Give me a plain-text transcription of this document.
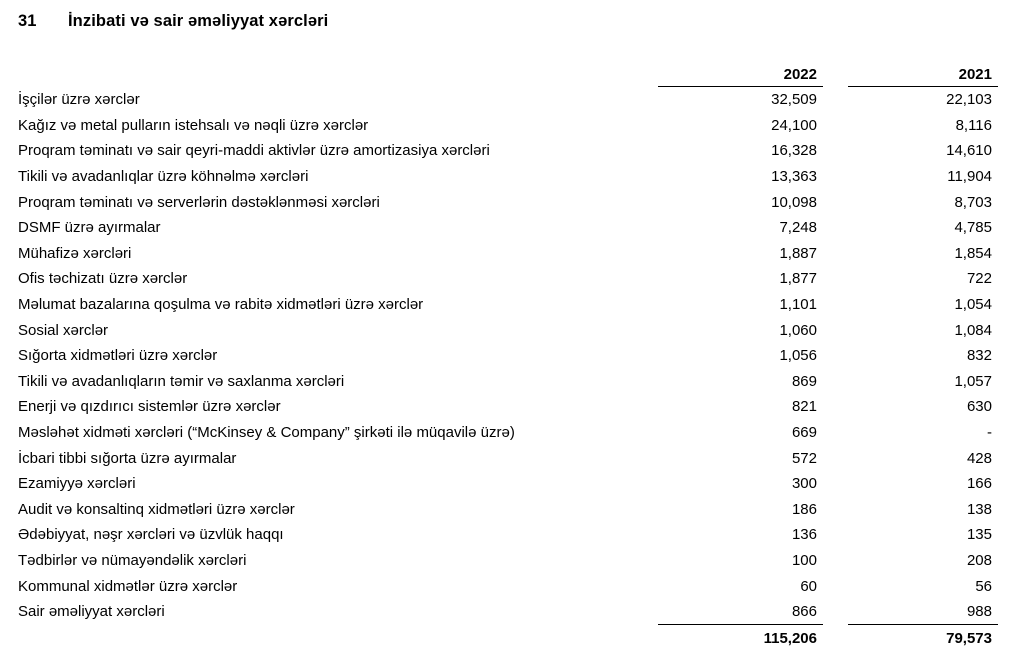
31 İnzibati və sair əməliyyat xərcləri
2022	2021
İşçilər üzrə xərclər	32,509	22,103
Kağız və metal pulların istehsalı və nəqli üzrə xərclər	24,100	8,116
Proqram təminatı və sair qeyri-maddi aktivlər üzrə amortizasiya xərcləri	16,328	14,610
Tikili və avadanlıqlar üzrə köhnəlmə xərcləri	13,363	11,904
Proqram təminatı və serverlərin dəstəklənməsi xərcləri	10,098	8,703
DSMF üzrə ayırmalar	7,248	4,785
Mühafizə xərcləri	1,887	1,854
Ofis təchizatı üzrə xərclər	1,877	722
Məlumat bazalarına qoşulma və rabitə xidmətləri üzrə xərclər	1,101	1,054
Sosial xərclər	1,060	1,084
Sığorta xidmətləri üzrə xərclər	1,056	832
Tikili və avadanlıqların təmir və saxlanma xərcləri	869	1,057
Enerji və qızdırıcı sistemlər üzrə xərclər	821	630
Məsləhət xidməti xərcləri (“McKinsey & Company” şirkəti ilə müqavilə üzrə)	669	-
İcbari tibbi sığorta üzrə ayırmalar	572	428
Ezamiyyə xərcləri	300	166
Audit və konsaltinq xidmətləri üzrə xərclər	186	138
Ədəbiyyat, nəşr xərcləri və üzvlük haqqı	136	135
Tədbirlər və nümayəndəlik xərcləri	100	208
Kommunal xidmətlər üzrə xərclər	60	56
Sair əməliyyat xərcləri	866	988
115,206	79,573
